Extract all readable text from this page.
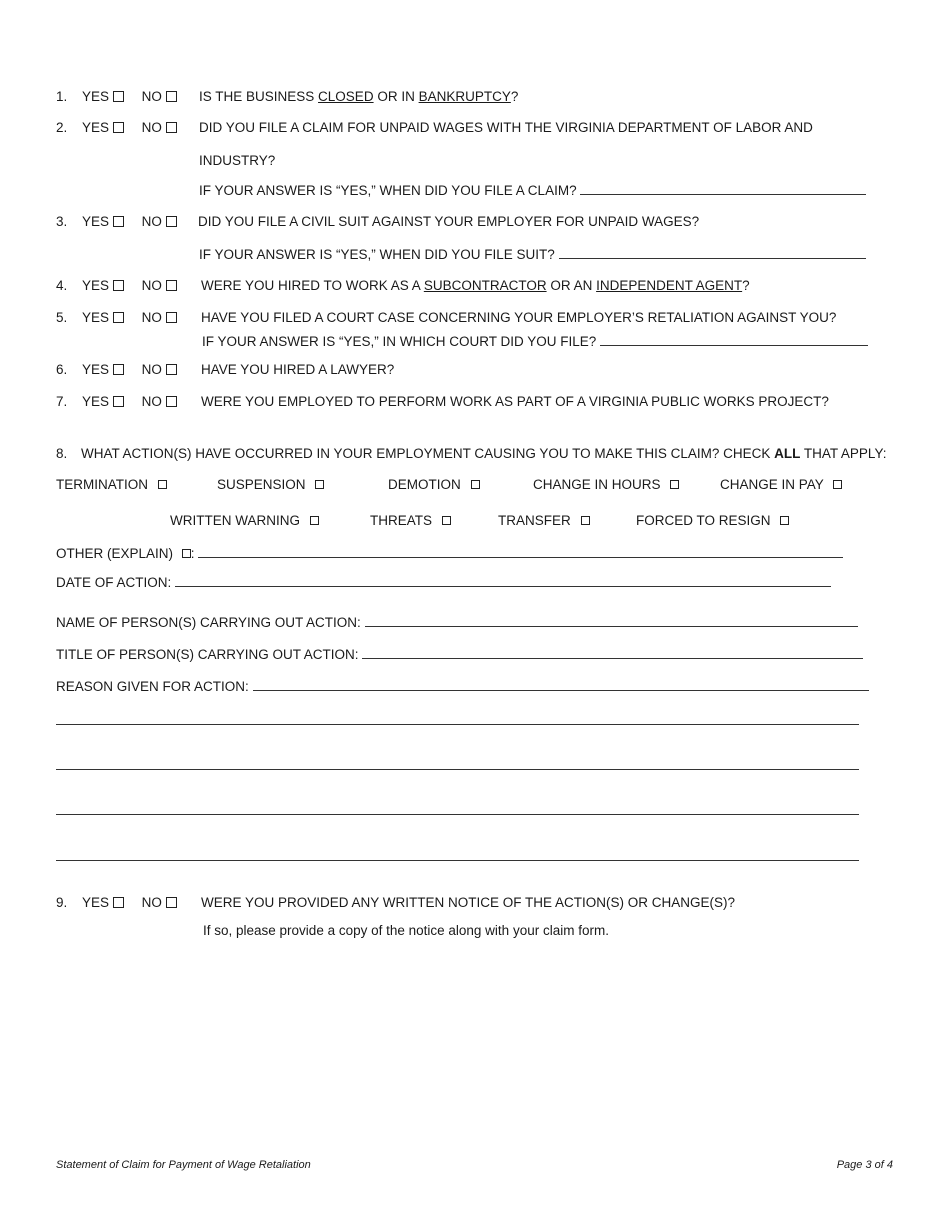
1. YES NO	IS THE BUSINESS CLOSED OR IN BANKRUPTCY?
2. YES NO	DID YOU FILE A CLAIM FOR UNPAID WAGES WITH THE VIRGINIA DEPARTMENT OF LABOR AND
INDUSTRY?
IF YOUR ANSWER IS “YES,” WHEN DID YOU FILE A CLAIM?
3. YES NO	DID YOU FILE A CIVIL SUIT AGAINST YOUR EMPLOYER FOR UNPAID WAGES?
IF YOUR ANSWER IS “YES,” WHEN DID YOU FILE SUIT?
4. YES NO	WERE YOU HIRED TO WORK AS A SUBCONTRACTOR OR AN INDEPENDENT AGENT?
5. YES NO	HAVE YOU FILED A COURT CASE CONCERNING YOUR EMPLOYER’S RETALIATION AGAINST YOU?
IF YOUR ANSWER IS “YES,” IN WHICH COURT DID YOU FILE?
6. YES NO	HAVE YOU HIRED A LAWYER?
7. YES NO	WERE YOU EMPLOYED TO PERFORM WORK AS PART OF A VIRGINIA PUBLIC WORKS PROJECT?
8. WHAT ACTION(S) HAVE OCCURRED IN YOUR EMPLOYMENT CAUSING YOU TO MAKE THIS CLAIM? CHECK ALL THAT APPLY:
TERMINATION	SUSPENSION	DEMOTION	CHANGE IN HOURS	CHANGE IN PAY
WRITTEN WARNING	THREATS	TRANSFER	FORCED TO RESIGN
OTHER (EXPLAIN) :
DATE OF ACTION:
NAME OF PERSON(S) CARRYING OUT ACTION:
TITLE OF PERSON(S) CARRYING OUT ACTION:
REASON GIVEN FOR ACTION:
9. YES NO	WERE YOU PROVIDED ANY WRITTEN NOTICE OF THE ACTION(S) OR CHANGE(S)?
If so, please provide a copy of the notice along with your claim form.
Statement of Claim for Payment of Wage Retaliation	Page 3 of 4
